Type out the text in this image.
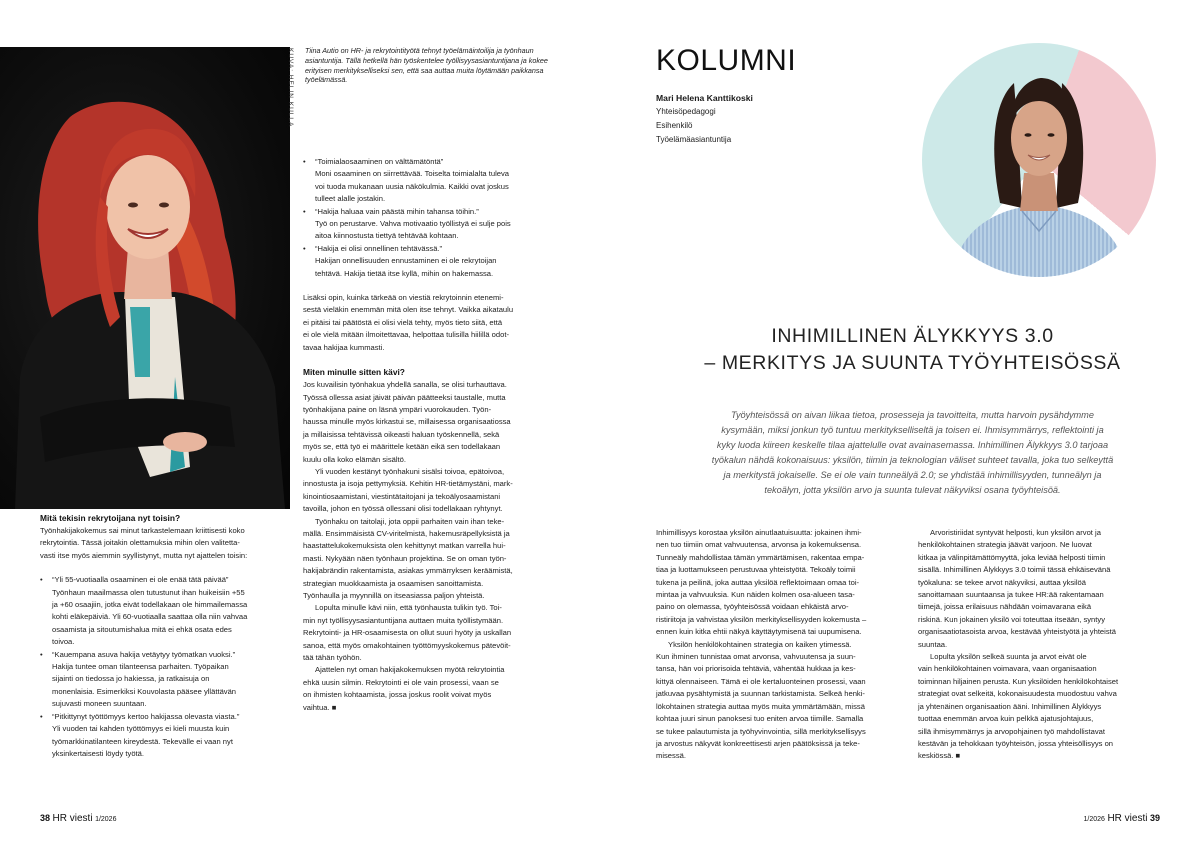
KUVA: HELIN KULLA Tiina Autio on HR- ja rekrytointityötä tehnyt työelämäintoilija ja työnhaun asiantuntija. Tällä hetkellä hän työskentelee työllisyysasiantuntijana ja kokee erityisen merkitykselliseksi sen, että saa auttaa muita löytämään paikkansa työelämässä.
Mitä tekisin rekrytoijana nyt toisin?

Työnhakijakokemus sai minut tarkastelemaan kriittisesti koko
rekrytointia. Tässä joitakin olettamuksia mihin olen valitetta-
vasti itse myös aiemmin syyllistynyt, mutta nyt ajattelen toisin:

• “Yli 55-vuotiaalla osaaminen ei ole enää tätä päivää”
Työnhaun maailmassa olen tutustunut ihan huikeisiin +55
ja +60 osaajiin, jotka eivät todellakaan ole himmailemassa
kohti eläkepäiviä. Yli 60-vuotiaalla saattaa olla niin vahvaa
osaamista ja sitoutumishalua mitä ei ehkä osata edes
toivoa.
• “Kauempana asuva hakija vetäytyy työmatkan vuoksi.”
Hakija tuntee oman tilanteensa parhaiten. Työpaikan
sijainti on tiedossa jo hakiessa, ja ratkaisuja on
monenlaisia. Esimerkiksi Kouvolasta pääsee yllättävän
sujuvasti moneen suuntaan.
• “Pitkittynyt työttömyys kertoo hakijassa olevasta viasta.”
Yli vuoden tai kahden työttömyys ei kieli muusta kuin
työmarkkinatilanteen kireydestä. Tekevälle ei vaan nyt
yksinkertaisesti löydy työtä.
• “Toimialaosaaminen on välttämätöntä”
Moni osaaminen on siirrettävää. Toiselta toimialalta tuleva
voi tuoda mukanaan uusia näkökulmia. Kaikki ovat joskus
tulleet alalle jostakin.
• “Hakija haluaa vain päästä mihin tahansa töihin.”
Työ on perustarve. Vahva motivaatio työllistyä ei sulje pois
aitoa kiinnostusta tiettyä tehtävää kohtaan.
• “Hakija ei olisi onnellinen tehtävässä.”
Hakijan onnellisuuden ennustaminen ei ole rekrytoijan
tehtävä. Hakija tietää itse kyllä, mihin on hakemassa.

Lisäksi opin, kuinka tärkeää on viestiä rekrytoinnin etenemi-
sestä vieläkin enemmän mitä olen itse tehnyt. Vaikka aikataulu
ei pitäisi tai päätöstä ei olisi vielä tehty, myös tieto siitä, että
ei ole vielä mitään ilmoitettavaa, helpottaa tulisilla hiilillä odot-
tavaa hakijaa kummasti.

Miten minulle sitten kävi?

Jos kuvailisin työnhakua yhdellä sanalla, se olisi turhauttava.
Työssä ollessa asiat jäivät päivän päätteeksi taustalle, mutta
työnhakijana paine on läsnä ympäri vuorokauden. Työn-
haussa minulle myös kirkastui se, millaisessa organisaatiossa
ja millaisissa tehtävissä oikeasti haluan työskennellä, sekä
myös se, että työ ei määrittele ketään eikä sen todellakaan
kuulu olla koko elämän sisältö.

Yli vuoden kestänyt työnhakuni sisälsi toivoa, epätoivoa,
innostusta ja isoja pettymyksiä. Kehitin HR-tietämystäni, mark-
kinointiosaamistani, viestintätaitojani ja tekoälyosaamistani
tavoilla, johon en työssä ollessani olisi todellakaan ryhtynyt.

Työnhaku on taitolaji, jota oppii parhaiten vain ihan teke-
mällä. Ensimmäisistä CV-viritelmistä, hakemusräpellyksistä ja
haastattelukokemuksista olen kehittynyt matkan varrella hui-
masti. Nykyään näen työnhaun projektina. Se on oman työn-
hakijabrändin rakentamista, asiakas ymmärryksen keräämistä,
strategian muokkaamista ja osaamisen sanoittamista.
Työnhaulla ja myynnillä on itseasiassa paljon yhteistä.

Lopulta minulle kävi niin, että työnhausta tulikin työ. Toi-
min nyt työllisyysasiantuntijana auttaen muita työllistymään.
Rekrytointi- ja HR-osaamisesta on ollut suuri hyöty ja uskallan
sanoa, että myös omakohtainen työttömyyskokemus pätevöit-
tää tähän työhön.

Ajattelen nyt oman hakijakokemuksen myötä rekrytointia
ehkä uusin silmin. Rekrytointi ei ole vain prosessi, vaan se
on ihmisten kohtaamista, jossa joskus roolit voivat myös
vaihtua. ■

38 HR viesti 1/2026
KOLUMNI
Mari Helena Kanttikoski
Yhteisöpedagogi
Esihenkilö
Työelämäasiantuntija
INHIMILLINEN ÄLYKKYYS 3.0
– MERKITYS JA SUUNTA TYÖYHTEISÖSSÄ
Työyhteisössä on aivan liikaa tietoa, prosesseja ja tavoitteita, mutta harvoin pysähdymme
kysymään, miksi jonkun työ tuntuu merkitykselliseltä ja toisen ei. Ihmisymmärrys, reflektointi ja
kyky luoda kiireen keskelle tilaa ajattelulle ovat avainasemassa. Inhimillinen Älykkyys 3.0 tarjoaa
työkalun nähdä kokonaisuus: yksilön, tiimin ja teknologian väliset suhteet tavalla, joka tuo selkeyttä
ja merkitystä jokaiselle. Se ei ole vain tunneälyä 2.0; se yhdistää inhimillisyyden, tunneälyn ja
tekoälyn, jotta yksilön arvo ja suunta tulevat näkyviksi osana työyhteisöä.

Inhimillisyys korostaa yksilön ainutlaatuisuutta: jokainen ihmi-
nen tuo tiimiin omat vahvuutensa, arvonsa ja kokemuksensa.
Tunneäly mahdollistaa tämän ymmärtämisen, rakentaa empa-
tiaa ja luottamukseen perustuvaa yhteistyötä. Tekoäly toimii
tukena ja peilinä, joka auttaa yksilöä reflektoimaan omaa toi-
mintaa ja vahvuuksia. Kun näiden kolmen osa-alueen tasa-
paino on olemassa, työyhteisössä voidaan ehkäistä arvo-
ristiriitoja ja vahvistaa yksilön merkityksellisyyden kokemusta –
ennen kuin kitka ehtii näkyä käyttäytymisenä tai uupumisena.

Yksilön henkilökohtainen strategia on kaiken ytimessä.
Kun ihminen tunnistaa omat arvonsa, vahvuutensa ja suun-
tansa, hän voi priorisoida tehtäviä, vähentää hukkaa ja kes-
kittyä olennaiseen. Tämä ei ole kertaluonteinen prosessi, vaan
jatkuvaa pysähtymistä ja suunnan tarkistamista. Selkeä henki-
lökohtainen strategia auttaa myös muita ymmärtämään, missä
kohtaa juuri sinun panoksesi tuo eniten arvoa tiimille. Samalla
se tukee palautumista ja työhyvinvointia, sillä merkityksellisyys
ja arvostus näkyvät konkreettisesti arjen päätöksissä ja teke-
misessä.

Arvoristiriidat syntyvät helposti, kun yksilön arvot ja
henkilökohtainen strategia jäävät varjoon. Ne luovat
kitkaa ja välinpitämättömyyttä, joka leviää helposti tiimin
sisällä. Inhimillinen Älykkyys 3.0 toimii tässä ehkäisevänä
työkaluna: se tekee arvot näkyviksi, auttaa yksilöä
sanoittamaan suuntaansa ja tukee HR:ää rakentamaan
tiimejä, joissa erilaisuus nähdään voimavarana eikä
riskinä. Kun jokainen yksilö voi toteuttaa itseään, syntyy
organisaatiotasoista arvoa, kestävää yhteistyötä ja yhteistä
suuntaa.

Lopulta yksilön selkeä suunta ja arvot eivät ole
vain henkilökohtainen voimavara, vaan organisaation
toiminnan hiljainen perusta. Kun yksilöiden henkilökohtaiset
strategiat ovat selkeitä, kokonaisuudesta muodostuu vahva
ja yhtenäinen organisaation ääni. Inhimillinen Älykkyys
tuottaa enemmän arvoa kuin pelkkä ajatusjohtajuus,
sillä ihmisymmärrys ja arvopohjainen työ mahdollistavat
kestävän ja tehokkaan työyhteisön, jossa yhteisöllisyys on
keskiössä. ■

1/2026 HR viesti 39
